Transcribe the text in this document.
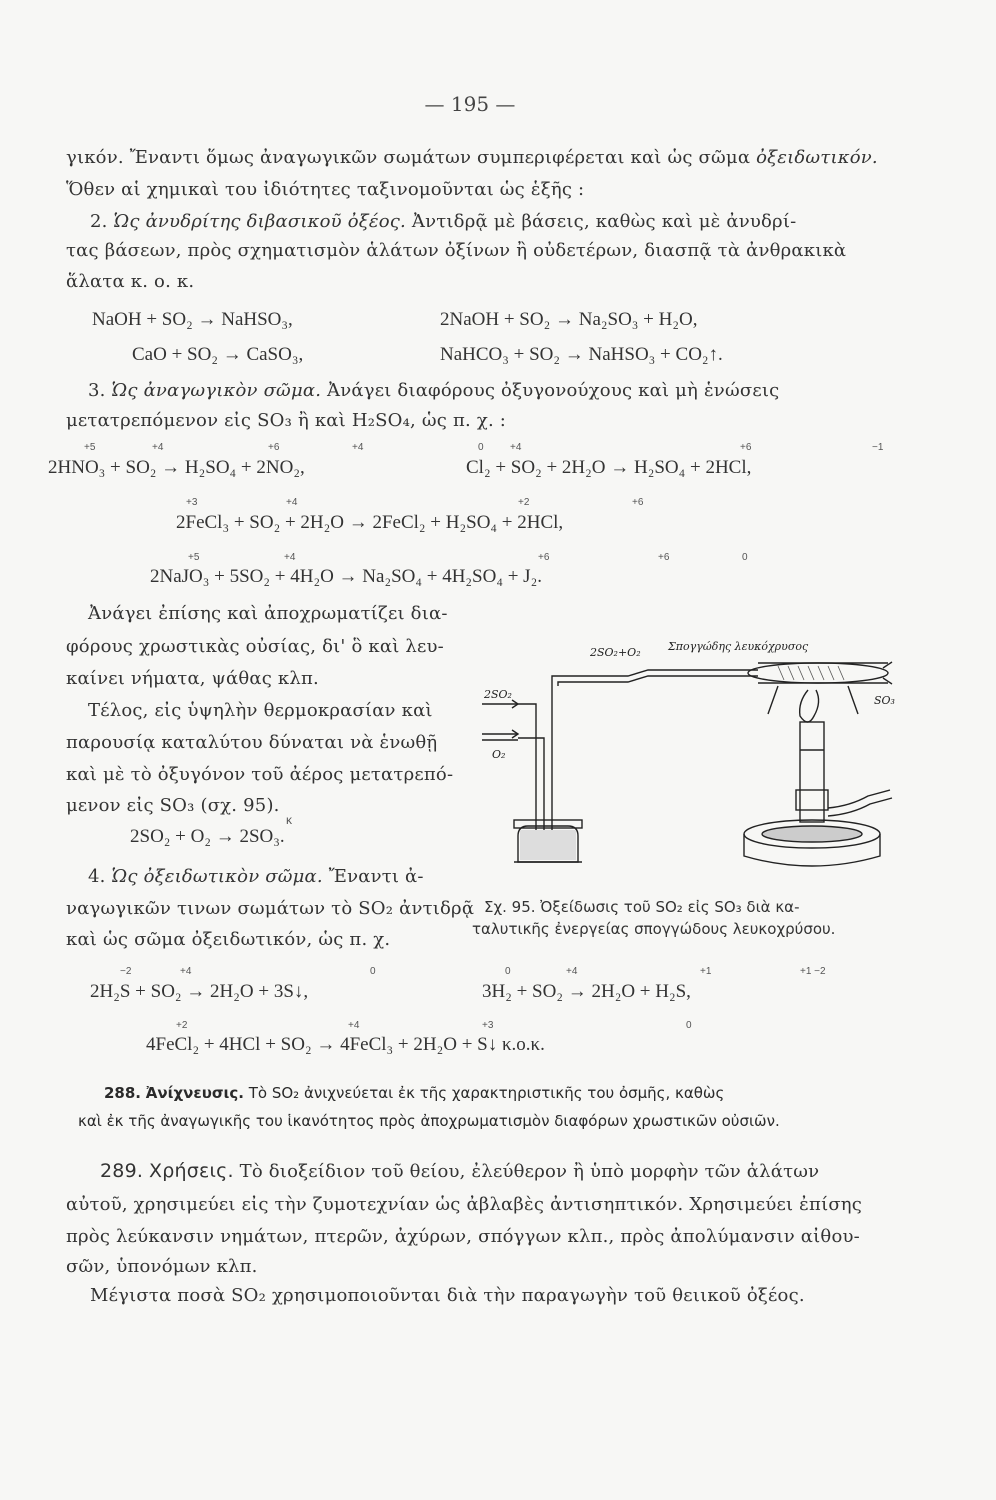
— 195 —
γικόν. Ἔναντι ὅμως ἀναγωγικῶν σωμάτων συμπεριφέρεται καὶ ὡς σῶμα ὀξειδωτικόν.
Ὅθεν αἱ χημικαὶ του ἰδιότητες ταξινομοῦνται ὡς ἑξῆς :
2. Ὡς ἀνυδρίτης διβασικοῦ ὀξέος. Ἀντιδρᾷ μὲ βάσεις, καθὼς καὶ μὲ ἀνυδρί-
τας βάσεων, πρὸς σχηματισμὸν ἁλάτων ὀξίνων ἢ οὐδετέρων, διασπᾷ τὰ ἀνθρακικὰ
ἅλατα κ. ο. κ.
NaOH + SO₂ → NaHSO₃,	2NaOH + SO₂ → Na₂SO₃ + H₂O,
CaO + SO₂ → CaSO₃,	NaHCO₃ + SO₂ → NaHSO₃ + CO₂↑.
3. Ὡς ἀναγωγικὸν σῶμα. Ἀνάγει διαφόρους ὀξυγονούχους καὶ μὴ ἑνώσεις
μετατρεπόμενον εἰς SO₃ ἢ καὶ H₂SO₄, ὡς π. χ. :
+5	+4	+6	+4	0	+4	+6	−1
2HNO₃ + SO₂ → H₂SO₄ + 2NO₂,	Cl₂ + SO₂ + 2H₂O → H₂SO₄ + 2HCl,
+3	+4	+2	+6
2FeCl₃ + SO₂ + 2H₂O → 2FeCl₂ + H₂SO₄ + 2HCl,
+5	+4	+6	+6	0
2NaJO₃ + 5SO₂ + 4H₂O → Na₂SO₄ + 4H₂SO₄ + J₂.
Ἀνάγει ἐπίσης καὶ ἀποχρωματίζει δια-
φόρους χρωστικὰς οὐσίας, δι' ὃ καὶ λευ-
καίνει νήματα, ψάθας κλπ.
Τέλος, εἰς ὑψηλὴν θερμοκρασίαν καὶ
παρουσίᾳ καταλύτου δύναται νὰ ἑνωθῇ
καὶ μὲ τὸ ὀξυγόνον τοῦ ἀέρος μετατρεπό-
μενον εἰς SO₃ (σχ. 95).
κ
2SO₂ + O₂ → 2SO₃.
4. Ὡς ὀξειδωτικὸν σῶμα. Ἔναντι ἀ-
ναγωγικῶν τινων σωμάτων τὸ SO₂ ἀντιδρᾷ
καὶ ὡς σῶμα ὀξειδωτικόν, ὡς π. χ.
Σπογγώδης λευκόχρυσος
2SO₂+O₂
2SO₂
O₂
SO₃
Σχ. 95. Ὀξείδωσις τοῦ SO₂ εἰς SO₃ διὰ κα-
ταλυτικῆς ἐνεργείας σπογγώδους λευκοχρύσου.
−2	+4	0	0	+4	+1	+1 −2
2H₂S + SO₂ → 2H₂O + 3S↓,	3H₂ + SO₂ → 2H₂O + H₂S,
+2	+4	+3	0
4FeCl₂ + 4HCl + SO₂ → 4FeCl₃ + 2H₂O + S↓ κ.ο.κ.
288. Ἀνίχνευσις. Τὸ SO₂ ἀνιχνεύεται ἐκ τῆς χαρακτηριστικῆς του ὀσμῆς, καθὼς
καὶ ἐκ τῆς ἀναγωγικῆς του ἱκανότητος πρὸς ἀποχρωματισμὸν διαφόρων χρωστικῶν οὐσιῶν.
289. Χρήσεις. Τὸ διοξείδιον τοῦ θείου, ἐλεύθερον ἢ ὑπὸ μορφὴν τῶν ἁλάτων
αὐτοῦ, χρησιμεύει εἰς τὴν ζυμοτεχνίαν ὡς ἀβλαβὲς ἀντισηπτικόν. Χρησιμεύει ἐπίσης
πρὸς λεύκανσιν νημάτων, πτερῶν, ἀχύρων, σπόγγων κλπ., πρὸς ἀπολύμανσιν αἰθου-
σῶν, ὑπονόμων κλπ.
Μέγιστα ποσὰ SO₂ χρησιμοποιοῦνται διὰ τὴν παραγωγὴν τοῦ θειικοῦ ὀξέος.
